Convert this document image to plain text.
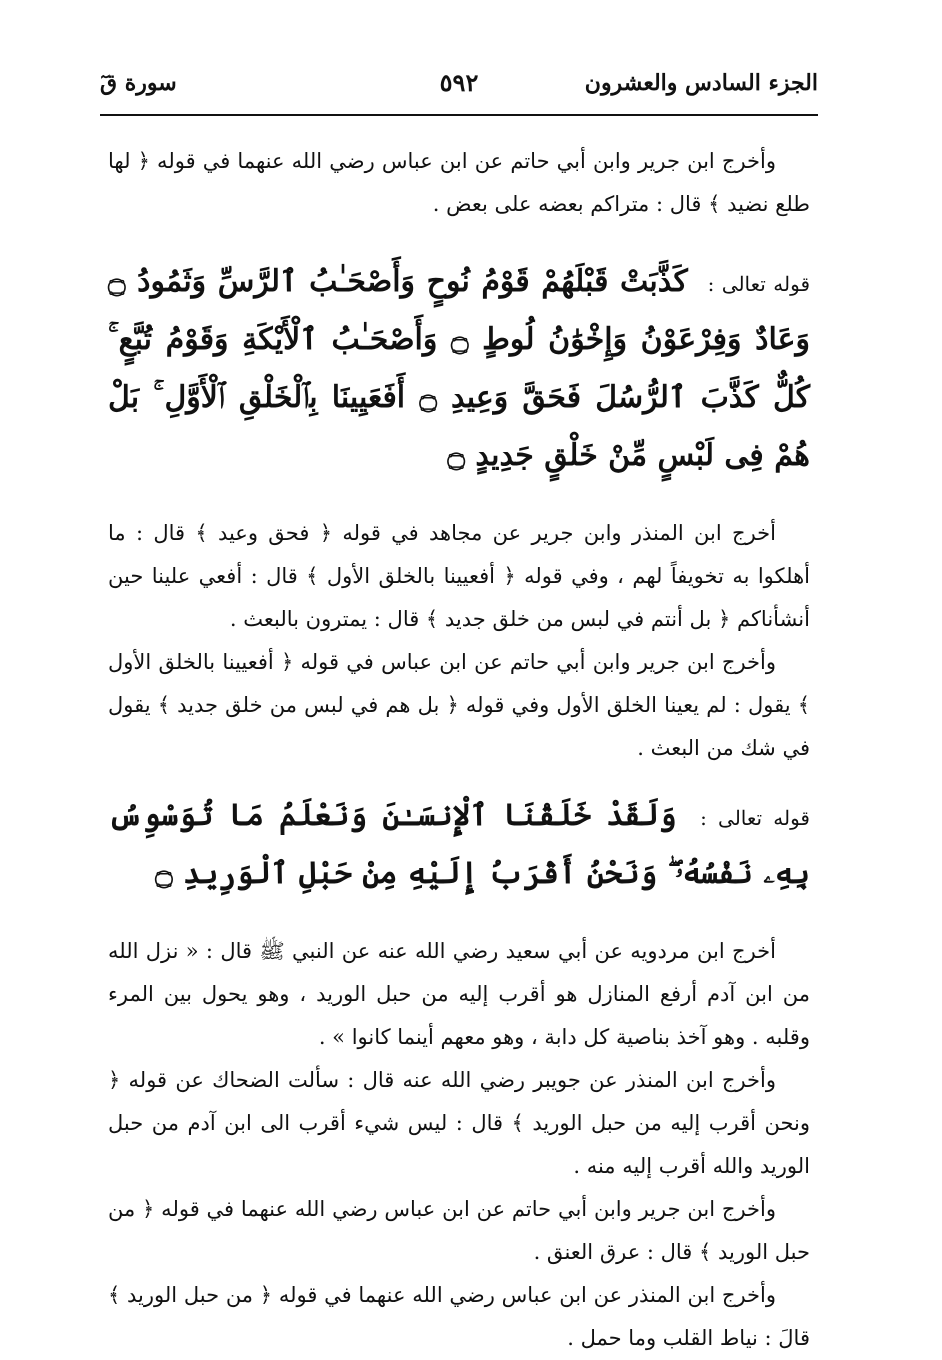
الجزء السادس والعشرون
٥٩٢
سورة قٓ

وأخرج ابن جرير وابن أبي حاتم عن ابن عباس رضي الله عنهما في قوله ﴿ لها طلع نضيد ﴾ قال : متراكم بعضه على بعض .

قوله تعالى : كَذَّبَتْ قَبْلَهُمْ قَوْمُ نُوحٍ وَأَصْحَـٰبُ ٱلرَّسِّ وَثَمُودُ ۝ وَعَادٌ وَفِرْعَوْنُ وَإِخْوَٰنُ لُوطٍ ۝ وَأَصْحَـٰبُ ٱلْأَيْكَةِ وَقَوْمُ تُبَّعٍ ۚ كُلٌّ كَذَّبَ ٱلرُّسُلَ فَحَقَّ وَعِيدِ ۝ أَفَعَيِينَا بِٱلْخَلْقِ ٱلْأَوَّلِ ۚ بَلْ هُمْ فِى لَبْسٍ مِّنْ خَلْقٍ جَدِيدٍ ۝

أخرج ابن المنذر وابن جرير عن مجاهد في قوله ﴿ فحق وعيد ﴾ قال : ما أهلكوا به تخويفاً لهم ، وفي قوله ﴿ أفعيينا بالخلق الأول ﴾ قال : أفعي علينا حين أنشأناكم ﴿ بل أنتم في لبس من خلق جديد ﴾ قال : يمترون بالبعث .

وأخرج ابن جرير وابن أبي حاتم عن ابن عباس في قوله ﴿ أفعيينا بالخلق الأول ﴾ يقول : لم يعينا الخلق الأول وفي قوله ﴿ بل هم في لبس من خلق جديد ﴾ يقول في شك من البعث .

قوله تعالى : وَلَقَدْ خَلَقْنَا ٱلْإِنسَـٰنَ وَنَعْلَمُ مَا تُوَسْوِسُ بِهِۦ نَفْسُهُۥ ۖ وَنَحْنُ أَقْرَبُ إِلَيْهِ مِنْ حَبْلِ ٱلْوَرِيدِ ۝

أخرج ابن مردويه عن أبي سعيد رضي الله عنه عن النبي ﷺ قال : « نزل الله من ابن آدم أرفع المنازل هو أقرب إليه من حبل الوريد ، وهو يحول بين المرء وقلبه . وهو آخذ بناصية كل دابة ، وهو معهم أينما كانوا » .

وأخرج ابن المنذر عن جويبر رضي الله عنه قال : سألت الضحاك عن قوله ﴿ ونحن أقرب إليه من حبل الوريد ﴾ قال : ليس شيء أقرب الى ابن آدم من حبل الوريد والله أقرب إليه منه .

وأخرج ابن جرير وابن أبي حاتم عن ابن عباس رضي الله عنهما في قوله ﴿ من حبل الوريد ﴾ قال : عرق العنق .

وأخرج ابن المنذر عن ابن عباس رضي الله عنهما في قوله ﴿ من حبل الوريد ﴾ قالَ : نياط القلب وما حمل .
